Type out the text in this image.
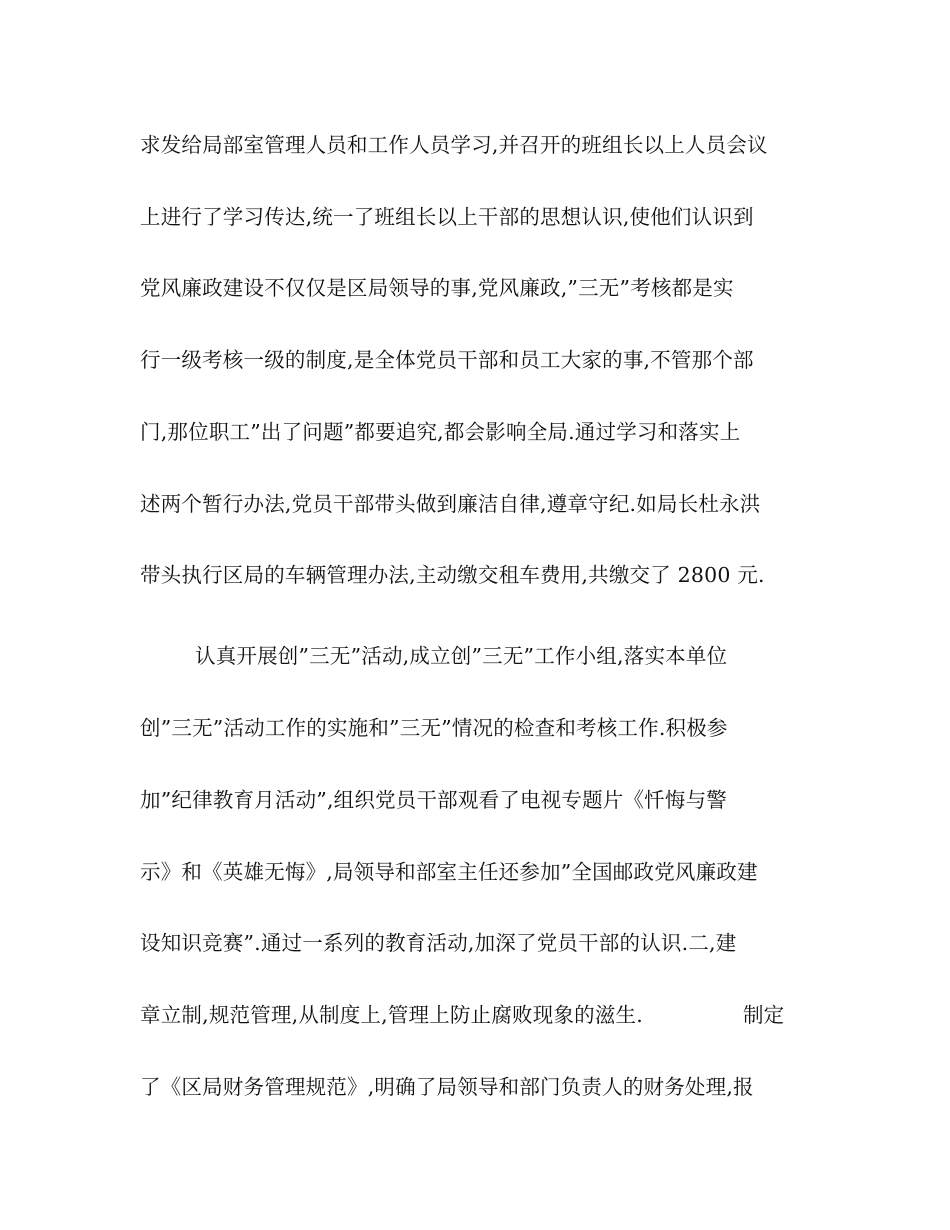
求发给局部室管理人员和工作人员学习,并召开的班组长以上人员会议
上进行了学习传达,统一了班组长以上干部的思想认识,使他们认识到
党风廉政建设不仅仅是区局领导的事,党风廉政,”三无”考核都是实
行一级考核一级的制度,是全体党员干部和员工大家的事,不管那个部
门,那位职工”出了问题”都要追究,都会影响全局.通过学习和落实上
述两个暂行办法,党员干部带头做到廉洁自律,遵章守纪.如局长杜永洪
带头执行区局的车辆管理办法,主动缴交租车费用,共缴交了 2800 元.
认真开展创”三无”活动,成立创”三无”工作小组,落实本单位
创”三无”活动工作的实施和”三无”情况的检查和考核工作.积极参
加”纪律教育月活动”,组织党员干部观看了电视专题片《忏悔与警
示》和《英雄无悔》,局领导和部室主任还参加”全国邮政党风廉政建
设知识竞赛”.通过一系列的教育活动,加深了党员干部的认识.二,建
章立制,规范管理,从制度上,管理上防止腐败现象的滋生.	制定
了《区局财务管理规范》,明确了局领导和部门负责人的财务处理,报
